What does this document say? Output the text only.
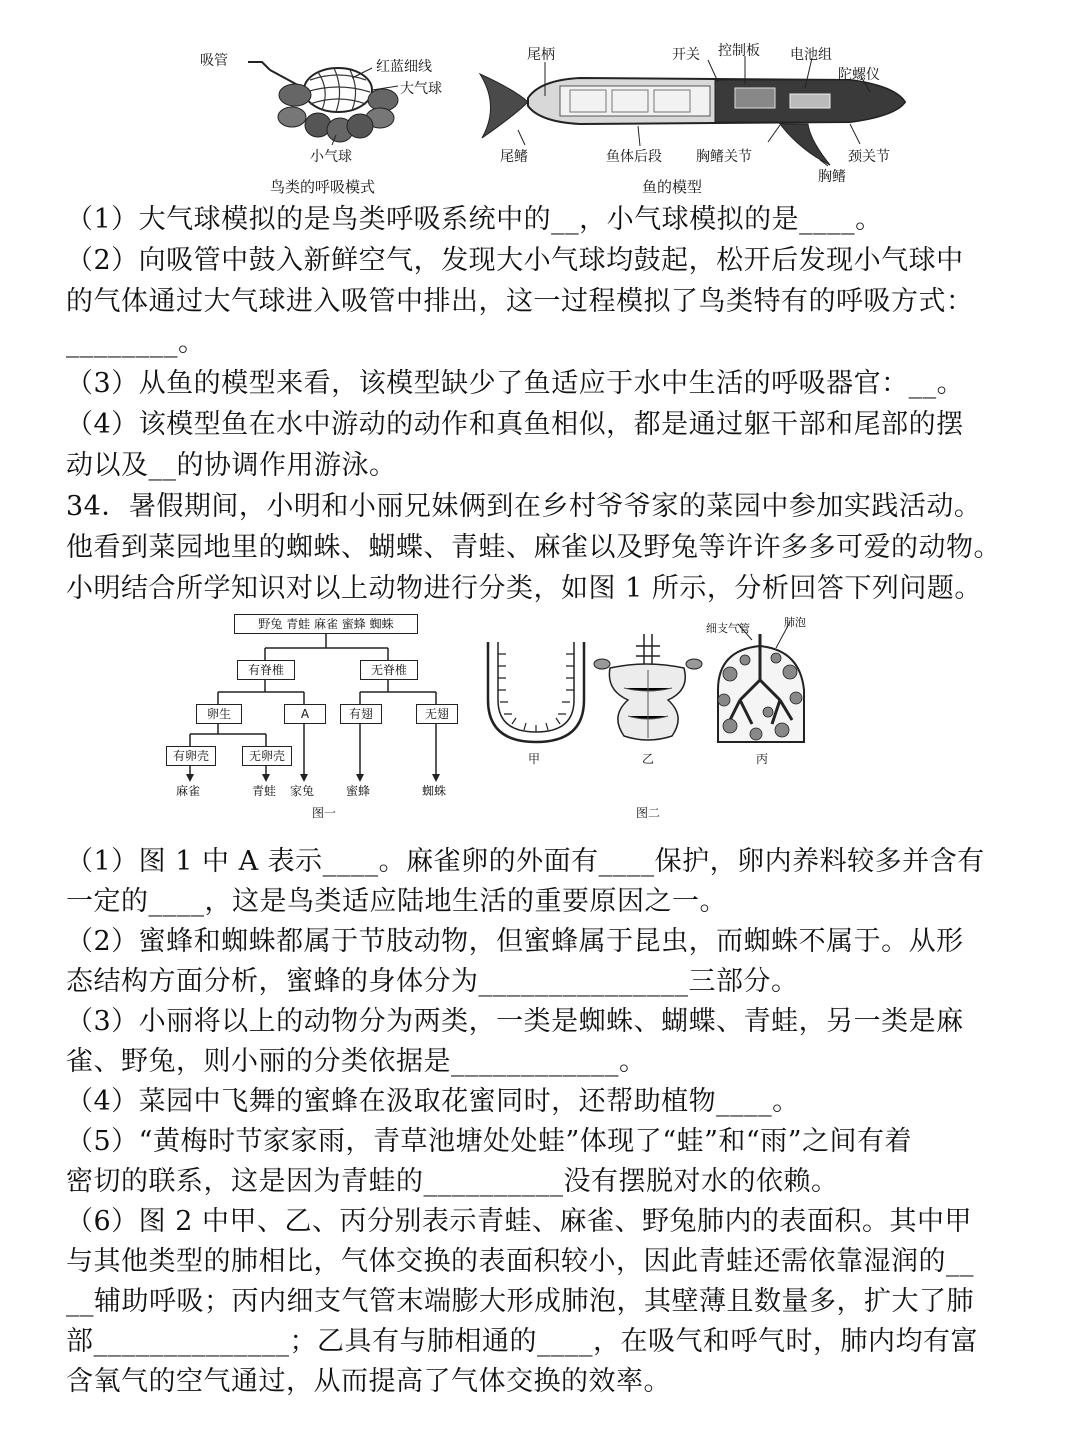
吸管	红蓝细线
大气球
小气球
鸟类的呼吸模式
尾柄	开关 控制板 电池组
陀螺仪
尾鳍	鱼体后段 胸鳍关节	颈关节
胸鳍
鱼的模型
（1）大气球模拟的是鸟类呼吸系统中的__，小气球模拟的是____。
（2）向吸管中鼓入新鲜空气，发现大小气球均鼓起，松开后发现小气球中
的气体通过大气球进入吸管中排出，这一过程模拟了鸟类特有的呼吸方式：
________。
（3）从鱼的模型来看，该模型缺少了鱼适应于水中生活的呼吸器官：__。
（4）该模型鱼在水中游动的动作和真鱼相似，都是通过躯干部和尾部的摆
动以及__的协调作用游泳。
34．暑假期间，小明和小丽兄妹俩到在乡村爷爷家的菜园中参加实践活动。
他看到菜园地里的蜘蛛、蝴蝶、青蛙、麻雀以及野兔等许许多多可爱的动物。
小明结合所学知识对以上动物进行分类，如图 1 所示，分析回答下列问题。
野兔 青蛙 麻雀 蜜蜂 蜘蛛
有脊椎	无脊椎
卵生	A	有翅	无翅
有卵壳	无卵壳
麻雀	青蛙 家兔	蜜蜂	蜘蛛
图一
甲	乙	丙
细支气管	肺泡
图二
（1）图 1 中 A 表示____。麻雀卵的外面有____保护，卵内养料较多并含有
一定的____，这是鸟类适应陆地生活的重要原因之一。
（2）蜜蜂和蜘蛛都属于节肢动物，但蜜蜂属于昆虫，而蜘蛛不属于。从形
态结构方面分析，蜜蜂的身体分为_______________三部分。
（3）小丽将以上的动物分为两类，一类是蜘蛛、蝴蝶、青蛙，另一类是麻
雀、野兔，则小丽的分类依据是____________。
（4）菜园中飞舞的蜜蜂在汲取花蜜同时，还帮助植物____。
（5）“黄梅时节家家雨，青草池塘处处蛙”体现了“蛙”和“雨”之间有着
密切的联系，这是因为青蛙的__________没有摆脱对水的依赖。
（6）图 2 中甲、乙、丙分别表示青蛙、麻雀、野兔肺内的表面积。其中甲
与其他类型的肺相比，气体交换的表面积较小，因此青蛙还需依靠湿润的__
__辅助呼吸；丙内细支气管末端膨大形成肺泡，其壁薄且数量多，扩大了肺
部______________；乙具有与肺相通的____，在吸气和呼气时，肺内均有富
含氧气的空气通过，从而提高了气体交换的效率。
